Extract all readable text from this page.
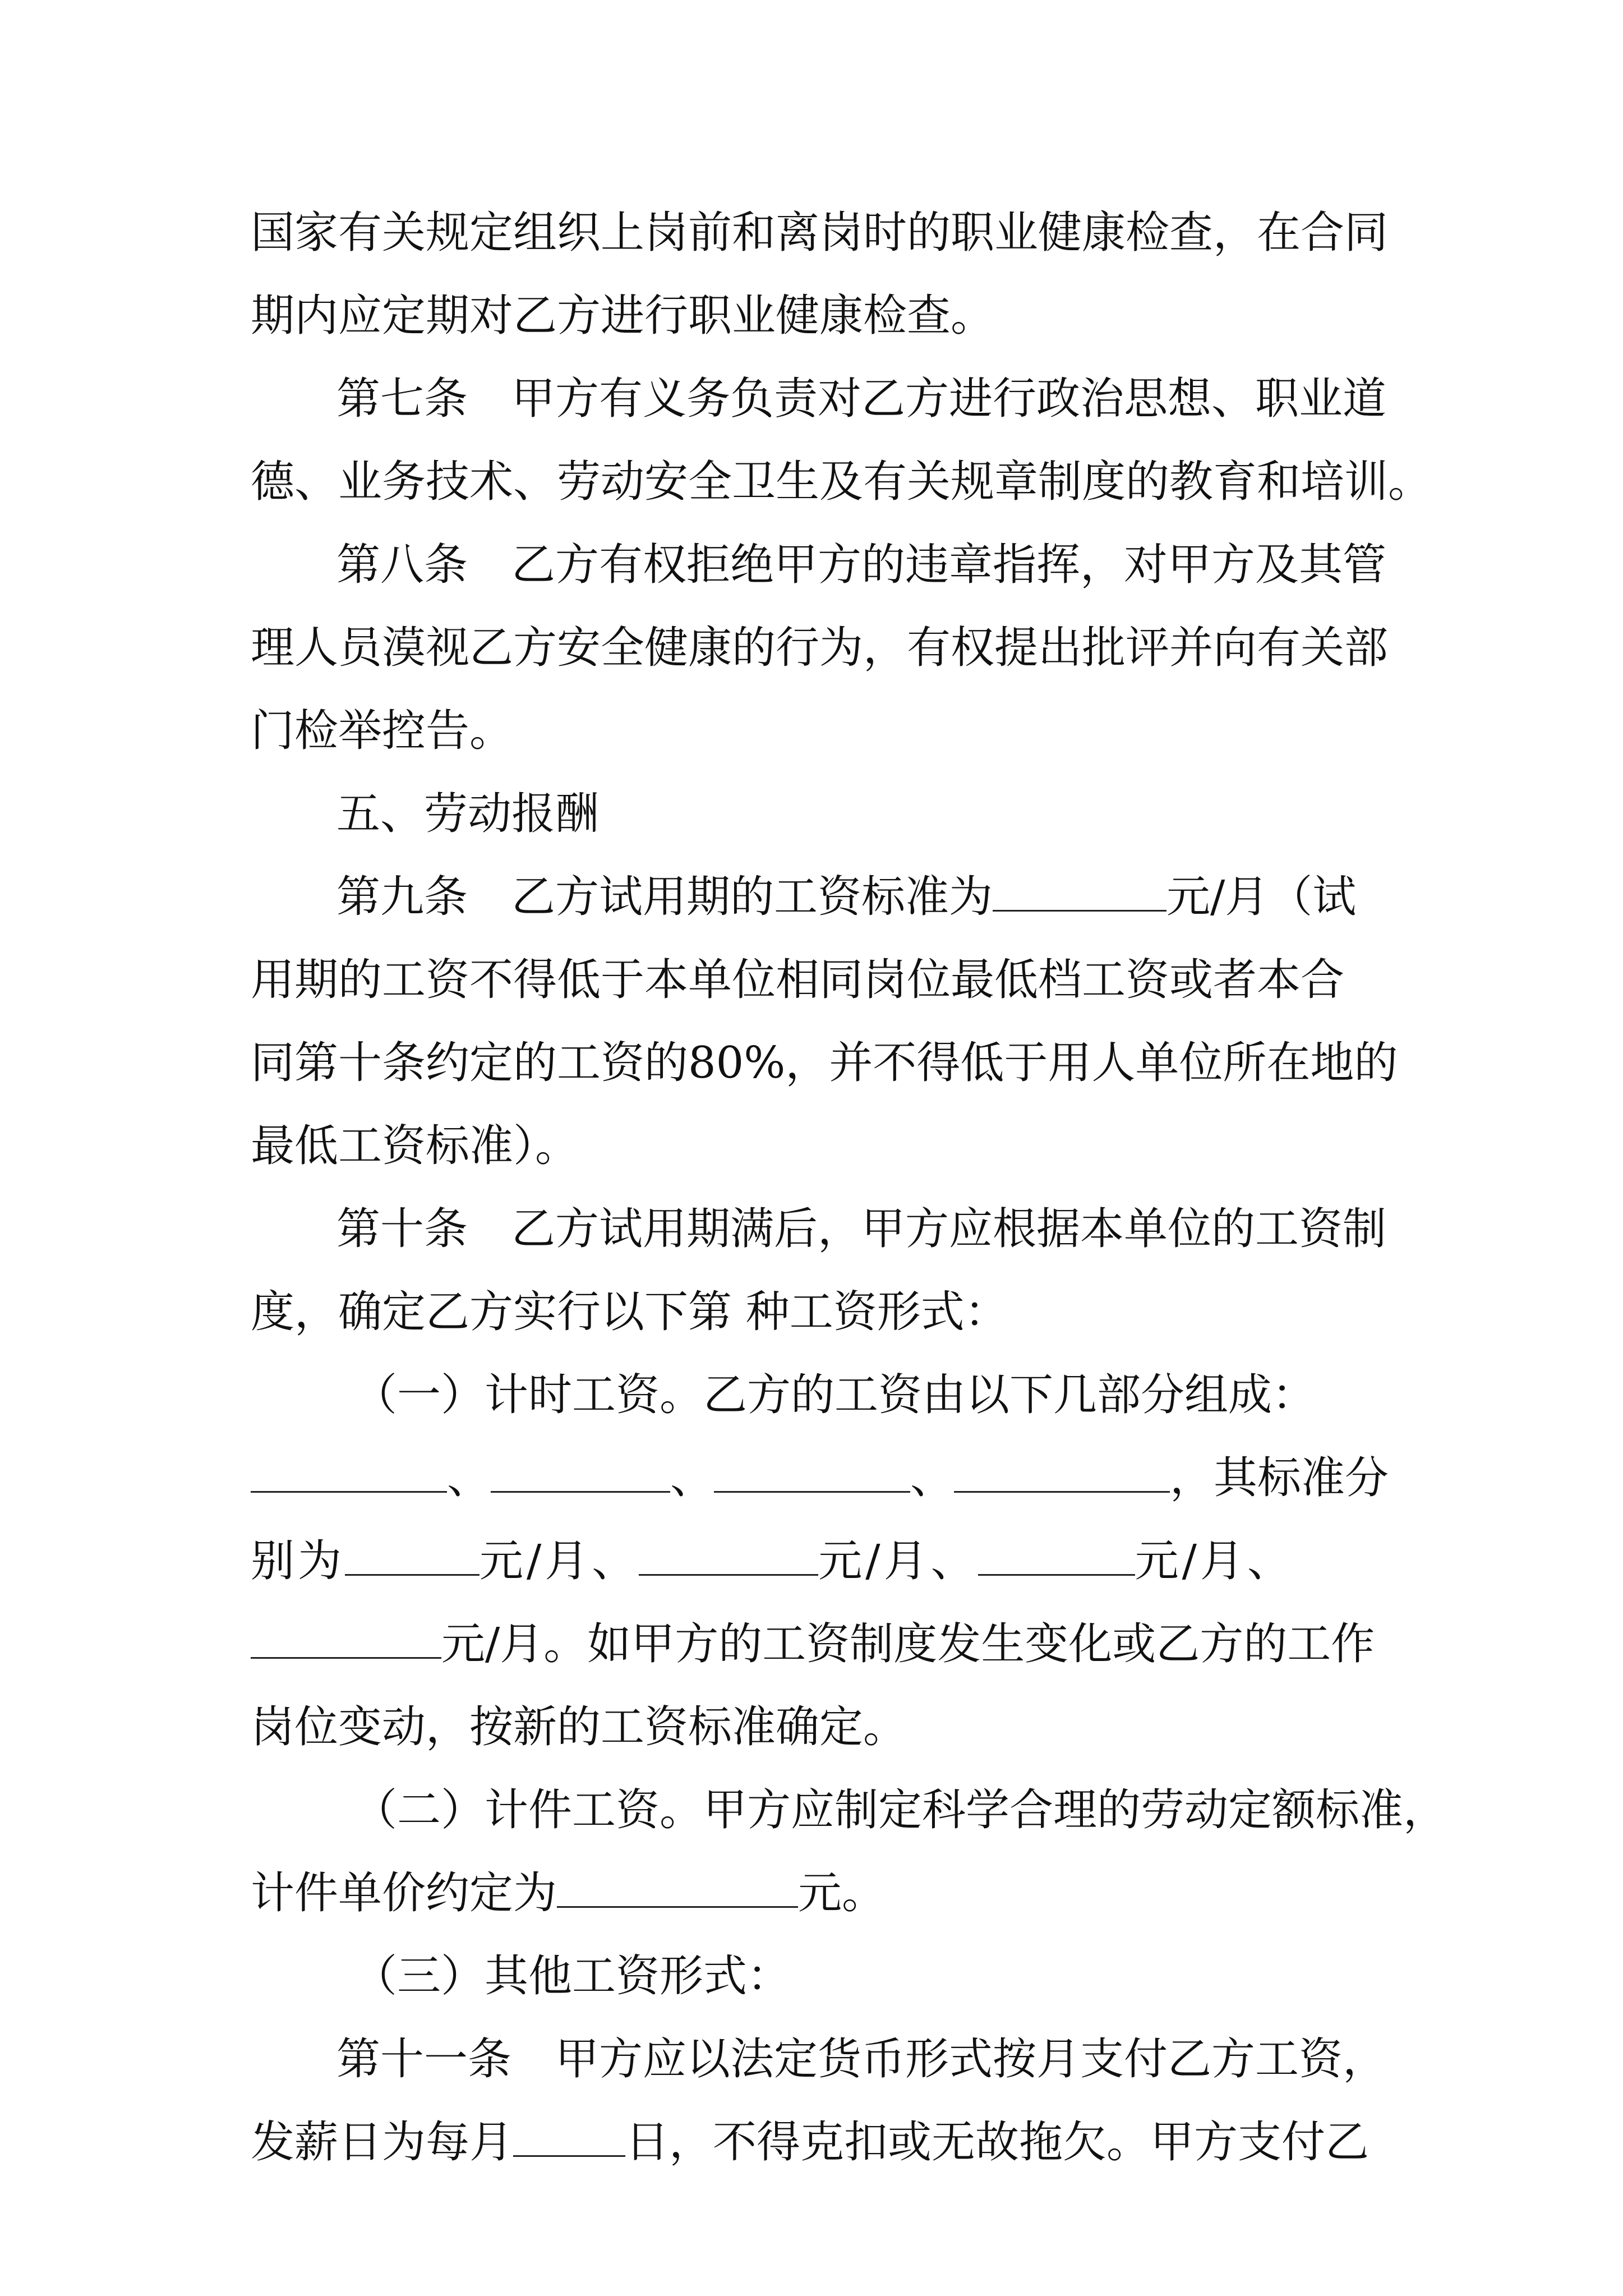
国家有关规定组织上岗前和离岗时的职业健康检查，在合同
期内应定期对乙方进行职业健康检查。
第七条　甲方有义务负责对乙方进行政治思想、职业道
德、业务技术、劳动安全卫生及有关规章制度的教育和培训。
第八条　乙方有权拒绝甲方的违章指挥，对甲方及其管
理人员漠视乙方安全健康的行为，有权提出批评并向有关部
门检举控告。
五、劳动报酬
第九条　乙方试用期的工资标准为	元/月（试
用期的工资不得低于本单位相同岗位最低档工资或者本合
同第十条约定的工资的80%，并不得低于用人单位所在地的
最低工资标准）。
第十条　乙方试用期满后，甲方应根据本单位的工资制
度，确定乙方实行以下第 种工资形式：
（一）计时工资。乙方的工资由以下几部分组成：
、	、	、	，其标准分
别为	元/月、	元/月、	元/月、
元/月。如甲方的工资制度发生变化或乙方的工作
岗位变动，按新的工资标准确定。
（二）计件工资。甲方应制定科学合理的劳动定额标准，
计件单价约定为	元。
（三）其他工资形式：
第十一条　甲方应以法定货币形式按月支付乙方工资，
发薪日为每月	日，不得克扣或无故拖欠。甲方支付乙
